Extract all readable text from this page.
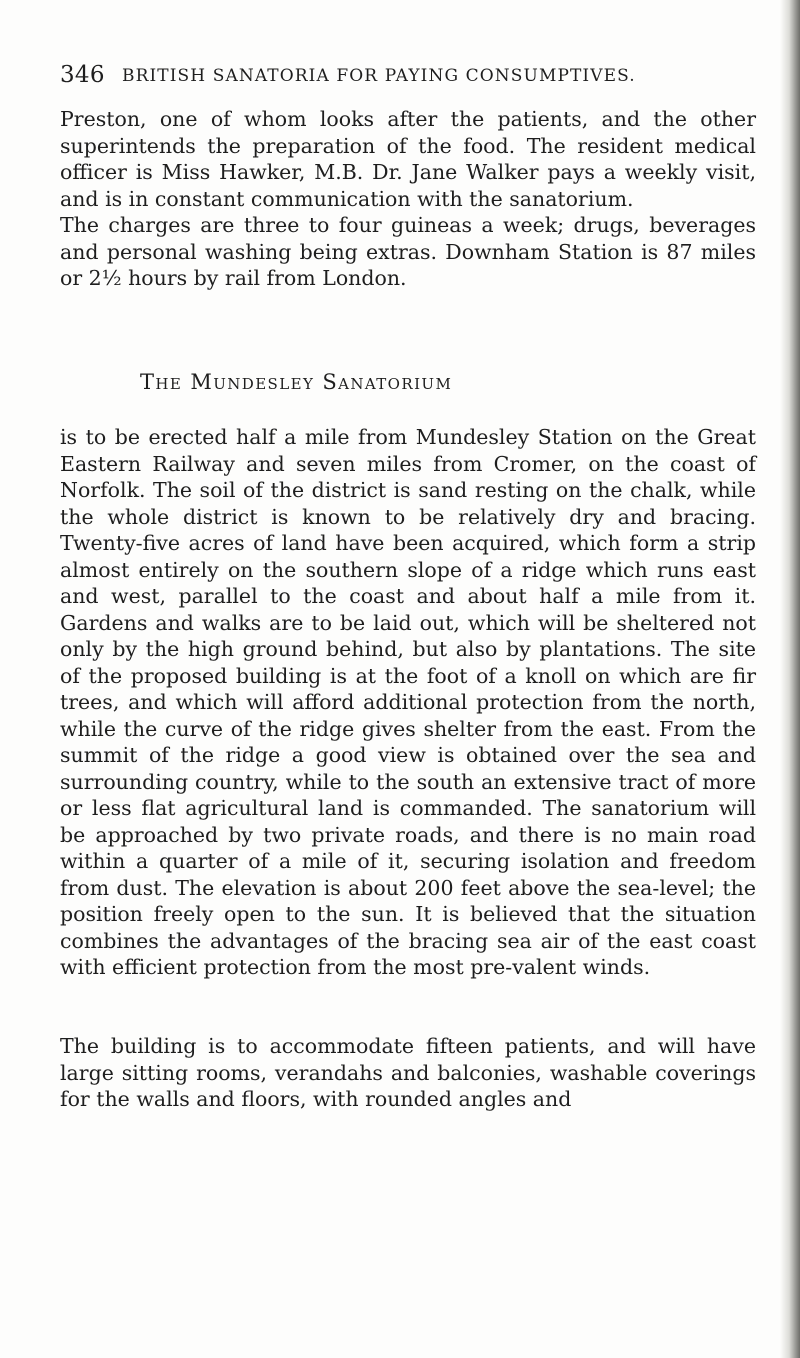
346 BRITISH SANATORIA FOR PAYING CONSUMPTIVES.

Preston, one of whom looks after the patients, and the other superintends the preparation of the food. The resident medical officer is Miss Hawker, M.B. Dr. Jane Walker pays a weekly visit, and is in constant communication with the sanatorium.

The charges are three to four guineas a week; drugs, beverages and personal washing being extras. Downham Station is 87 miles or 2½ hours by rail from London.

The Mundesley Sanatorium

is to be erected half a mile from Mundesley Station on the Great Eastern Railway and seven miles from Cromer, on the coast of Norfolk. The soil of the district is sand resting on the chalk, while the whole district is known to be relatively dry and bracing. Twenty-five acres of land have been acquired, which form a strip almost entirely on the southern slope of a ridge which runs east and west, parallel to the coast and about half a mile from it. Gardens and walks are to be laid out, which will be sheltered not only by the high ground behind, but also by plantations. The site of the proposed building is at the foot of a knoll on which are fir trees, and which will afford additional protection from the north, while the curve of the ridge gives shelter from the east. From the summit of the ridge a good view is obtained over the sea and surrounding country, while to the south an extensive tract of more or less flat agricultural land is commanded. The sanatorium will be approached by two private roads, and there is no main road within a quarter of a mile of it, securing isolation and freedom from dust. The elevation is about 200 feet above the sea-level; the position freely open to the sun. It is believed that the situation combines the advantages of the bracing sea air of the east coast with efficient protection from the most pre-valent winds.

The building is to accommodate fifteen patients, and will have large sitting rooms, verandahs and balconies, washable coverings for the walls and floors, with rounded angles and
